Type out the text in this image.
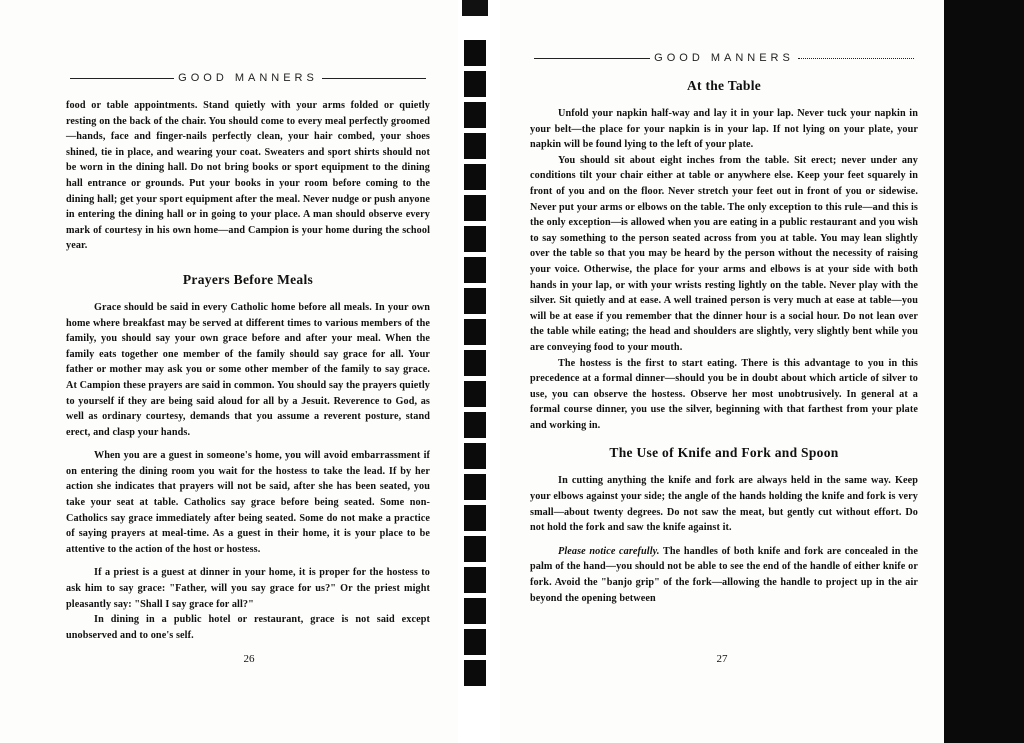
GOOD MANNERS

food or table appointments. Stand quietly with your arms folded or quietly resting on the back of the chair. You should come to every meal perfectly groomed—hands, face and finger-nails perfectly clean, your hair combed, your shoes shined, tie in place, and wearing your coat. Sweaters and sport shirts should not be worn in the dining hall. Do not bring books or sport equipment to the dining hall entrance or grounds. Put your books in your room before coming to the dining hall; get your sport equipment after the meal. Never nudge or push anyone in entering the dining hall or in going to your place. A man should observe every mark of courtesy in his own home—and Campion is your home during the school year.

Prayers Before Meals

Grace should be said in every Catholic home before all meals. In your own home where breakfast may be served at different times to various members of the family, you should say your own grace before and after your meal. When the family eats together one member of the family should say grace for all. Your father or mother may ask you or some other member of the family to say grace. At Campion these prayers are said in common. You should say the prayers quietly to yourself if they are being said aloud for all by a Jesuit. Reverence to God, as well as ordinary courtesy, demands that you assume a reverent posture, stand erect, and clasp your hands.

When you are a guest in someone's home, you will avoid embarrassment if on entering the dining room you wait for the hostess to take the lead. If by her action she indicates that prayers will not be said, after she has been seated, you take your seat at table. Catholics say grace before being seated. Some non-Catholics say grace immediately after being seated. Some do not make a practice of saying prayers at meal-time. As a guest in their home, it is your place to be attentive to the action of the host or hostess.

If a priest is a guest at dinner in your home, it is proper for the hostess to ask him to say grace: "Father, will you say grace for us?" Or the priest might pleasantly say: "Shall I say grace for all?"

In dining in a public hotel or restaurant, grace is not said except unobserved and to one's self.

26
GOOD MANNERS
At the Table

Unfold your napkin half-way and lay it in your lap. Never tuck your napkin in your belt—the place for your napkin is in your lap. If not lying on your plate, your napkin will be found lying to the left of your plate.

You should sit about eight inches from the table. Sit erect; never under any conditions tilt your chair either at table or anywhere else. Keep your feet squarely in front of you and on the floor. Never stretch your feet out in front of you or sidewise. Never put your arms or elbows on the table. The only exception to this rule—and this is the only exception—is allowed when you are eating in a public restaurant and you wish to say something to the person seated across from you at table. You may lean slightly over the table so that you may be heard by the person without the necessity of raising your voice. Otherwise, the place for your arms and elbows is at your side with both hands in your lap, or with your wrists resting lightly on the table. Never play with the silver. Sit quietly and at ease. A well trained person is very much at ease at table—you will be at ease if you remember that the dinner hour is a social hour. Do not lean over the table while eating; the head and shoulders are slightly, very slightly bent while you are conveying food to your mouth.

The hostess is the first to start eating. There is this advantage to you in this precedence at a formal dinner—should you be in doubt about which article of silver to use, you can observe the hostess. Observe her most unobtrusively. In general at a formal course dinner, you use the silver, beginning with that farthest from your plate and working in.

The Use of Knife and Fork and Spoon

In cutting anything the knife and fork are always held in the same way. Keep your elbows against your side; the angle of the hands holding the knife and fork is very small—about twenty degrees. Do not saw the meat, but gently cut without effort. Do not hold the fork and saw the knife against it.

Please notice carefully. The handles of both knife and fork are concealed in the palm of the hand—you should not be able to see the end of the handle of either knife or fork. Avoid the "banjo grip" of the fork—allowing the handle to project up in the air beyond the opening between

27
